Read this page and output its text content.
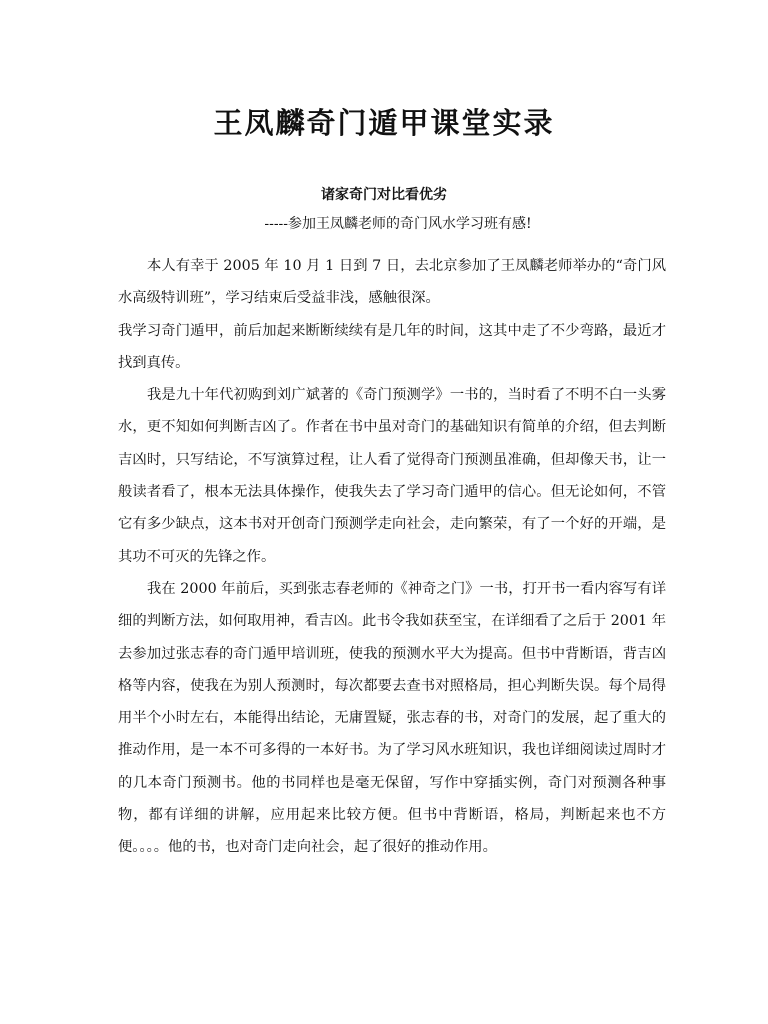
王凤麟奇门遁甲课堂实录

诸家奇门对比看优劣

-----参加王凤麟老师的奇门风水学习班有感!

本人有幸于 2005 年 10 月 1 日到 7 日，去北京参加了王凤麟老师举办的“奇门风水高级特训班”，学习结束后受益非浅，感触很深。

我学习奇门遁甲，前后加起来断断续续有是几年的时间，这其中走了不少弯路，最近才找到真传。

我是九十年代初购到刘广斌著的《奇门预测学》一书的，当时看了不明不白一头雾水，更不知如何判断吉凶了。作者在书中虽对奇门的基础知识有简单的介绍，但去判断吉凶时，只写结论，不写演算过程，让人看了觉得奇门预测虽准确，但却像天书，让一般读者看了，根本无法具体操作，使我失去了学习奇门遁甲的信心。但无论如何，不管它有多少缺点，这本书对开创奇门预测学走向社会，走向繁荣，有了一个好的开端，是其功不可灭的先锋之作。

我在 2000 年前后，买到张志春老师的《神奇之门》一书，打开书一看内容写有详细的判断方法，如何取用神，看吉凶。此书令我如获至宝，在详细看了之后于 2001 年去参加过张志春的奇门遁甲培训班，使我的预测水平大为提高。但书中背断语，背吉凶格等内容，使我在为别人预测时，每次都要去查书对照格局，担心判断失误。每个局得用半个小时左右，本能得出结论，无庸置疑，张志春的书，对奇门的发展，起了重大的推动作用，是一本不可多得的一本好书。为了学习风水班知识，我也详细阅读过周时才的几本奇门预测书。他的书同样也是毫无保留，写作中穿插实例，奇门对预测各种事物，都有详细的讲解，应用起来比较方便。但书中背断语，格局，判断起来也不方便。。。。他的书，也对奇门走向社会，起了很好的推动作用。
